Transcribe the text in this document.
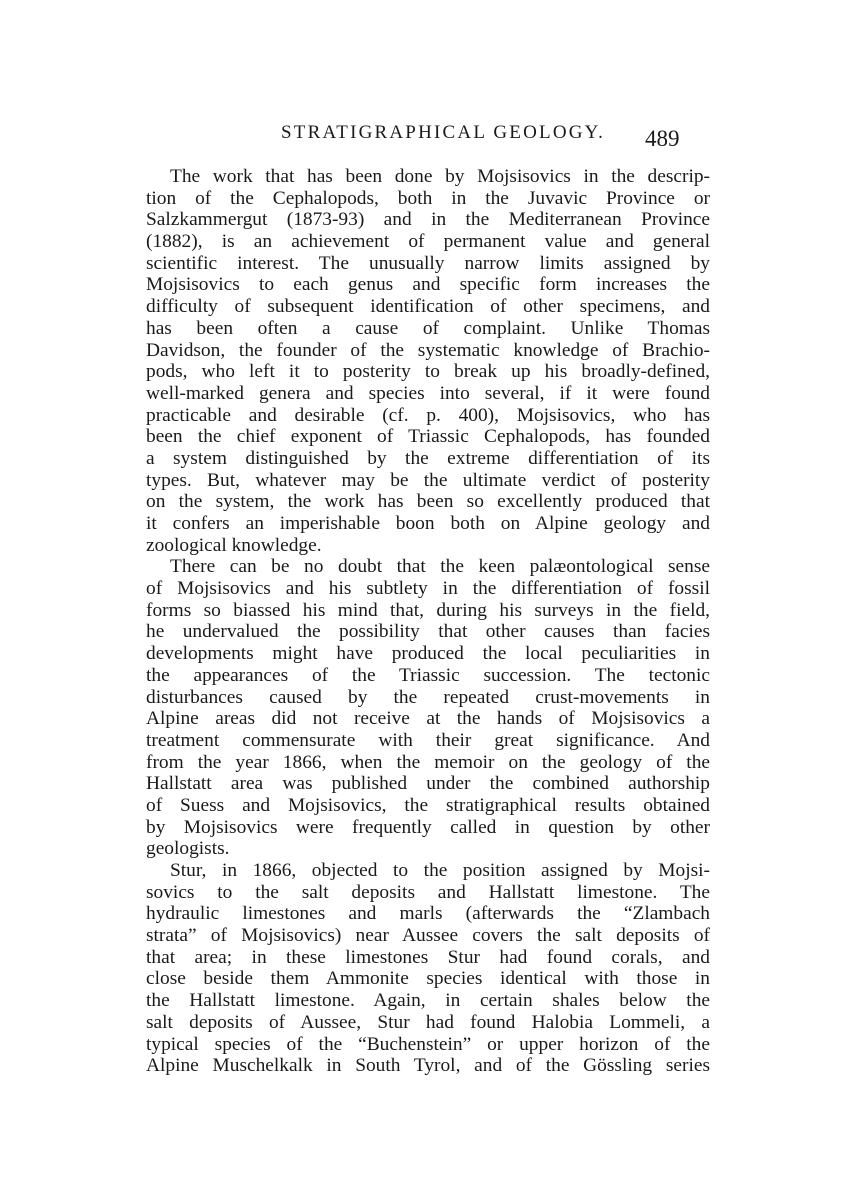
STRATIGRAPHICAL GEOLOGY. 489
The work that has been done by Mojsisovics in the descrip-
tion of the Cephalopods, both in the Juvavic Province or
Salzkammergut (1873-93) and in the Mediterranean Province
(1882), is an achievement of permanent value and general
scientific interest. The unusually narrow limits assigned by
Mojsisovics to each genus and specific form increases the
difficulty of subsequent identification of other specimens, and
has been often a cause of complaint. Unlike Thomas
Davidson, the founder of the systematic knowledge of Brachio-
pods, who left it to posterity to break up his broadly-defined,
well-marked genera and species into several, if it were found
practicable and desirable (cf. p. 400), Mojsisovics, who has
been the chief exponent of Triassic Cephalopods, has founded
a system distinguished by the extreme differentiation of its
types. But, whatever may be the ultimate verdict of posterity
on the system, the work has been so excellently produced that
it confers an imperishable boon both on Alpine geology and
zoological knowledge.
There can be no doubt that the keen palæontological sense
of Mojsisovics and his subtlety in the differentiation of fossil
forms so biassed his mind that, during his surveys in the field,
he undervalued the possibility that other causes than facies
developments might have produced the local peculiarities in
the appearances of the Triassic succession. The tectonic
disturbances caused by the repeated crust-movements in
Alpine areas did not receive at the hands of Mojsisovics a
treatment commensurate with their great significance. And
from the year 1866, when the memoir on the geology of the
Hallstatt area was published under the combined authorship
of Suess and Mojsisovics, the stratigraphical results obtained
by Mojsisovics were frequently called in question by other
geologists.
Stur, in 1866, objected to the position assigned by Mojsi-
sovics to the salt deposits and Hallstatt limestone. The
hydraulic limestones and marls (afterwards the “Zlambach
strata” of Mojsisovics) near Aussee covers the salt deposits of
that area; in these limestones Stur had found corals, and
close beside them Ammonite species identical with those in
the Hallstatt limestone. Again, in certain shales below the
salt deposits of Aussee, Stur had found Halobia Lommeli, a
typical species of the “Buchenstein” or upper horizon of the
Alpine Muschelkalk in South Tyrol, and of the Gössling series
